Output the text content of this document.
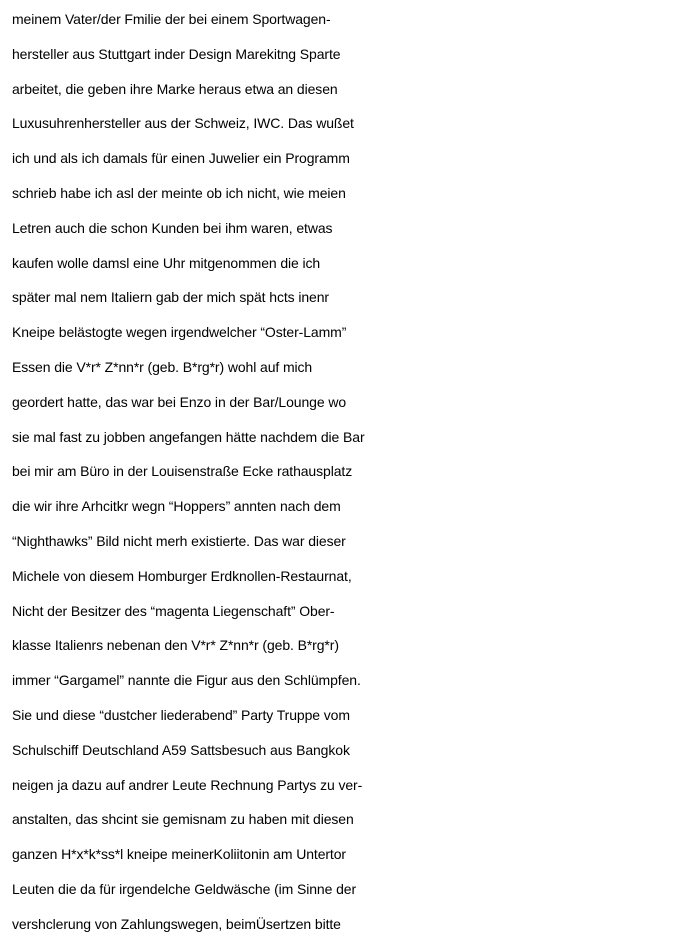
meinem Vater/der Fmilie der bei einem Sportwagen-
hersteller aus Stuttgart inder Design Marekitng Sparte
arbeitet, die geben ihre Marke heraus etwa an diesen
Luxusuhrenhersteller aus der Schweiz, IWC. Das wußet
ich und als ich damals für einen Juwelier ein Programm
schrieb habe ich asl der meinte ob ich nicht, wie meien
Letren auch die schon Kunden bei ihm waren, etwas
kaufen wolle damsl eine Uhr mitgenommen die ich
später mal nem Italiern gab der mich spät hcts inenr
Kneipe belästogte wegen irgendwelcher “Oster-Lamm”
Essen die V*r* Z*nn*r (geb. B*rg*r) wohl auf mich
geordert hatte, das war bei Enzo in der Bar/Lounge wo
sie mal fast zu jobben angefangen hätte nachdem die Bar
bei mir am Büro in der Louisenstraße Ecke rathausplatz
die wir ihre Arhcitkr wegn “Hoppers” annten nach dem
“Nighthawks” Bild nicht merh existierte. Das war dieser
Michele von diesem Homburger Erdknollen-Restaurnat,
Nicht der Besitzer des “magenta Liegenschaft” Ober-
klasse Italienrs nebenan den V*r* Z*nn*r (geb. B*rg*r)
immer “Gargamel” nannte die Figur aus den Schlümpfen.
Sie und diese “dustcher liederabend” Party Truppe vom
Schulschiff Deutschland A59 Sattsbesuch aus Bangkok
neigen ja dazu auf andrer Leute Rechnung Partys zu ver-
anstalten, das shcint sie gemisnam zu haben mit diesen
ganzen H*x*k*ss*l kneipe meinerKoliitonin am Untertor
Leuten die da für irgendelche Geldwäsche (im Sinne der
vershclerung von Zahlungswegen, beimÜsertzen bitte
